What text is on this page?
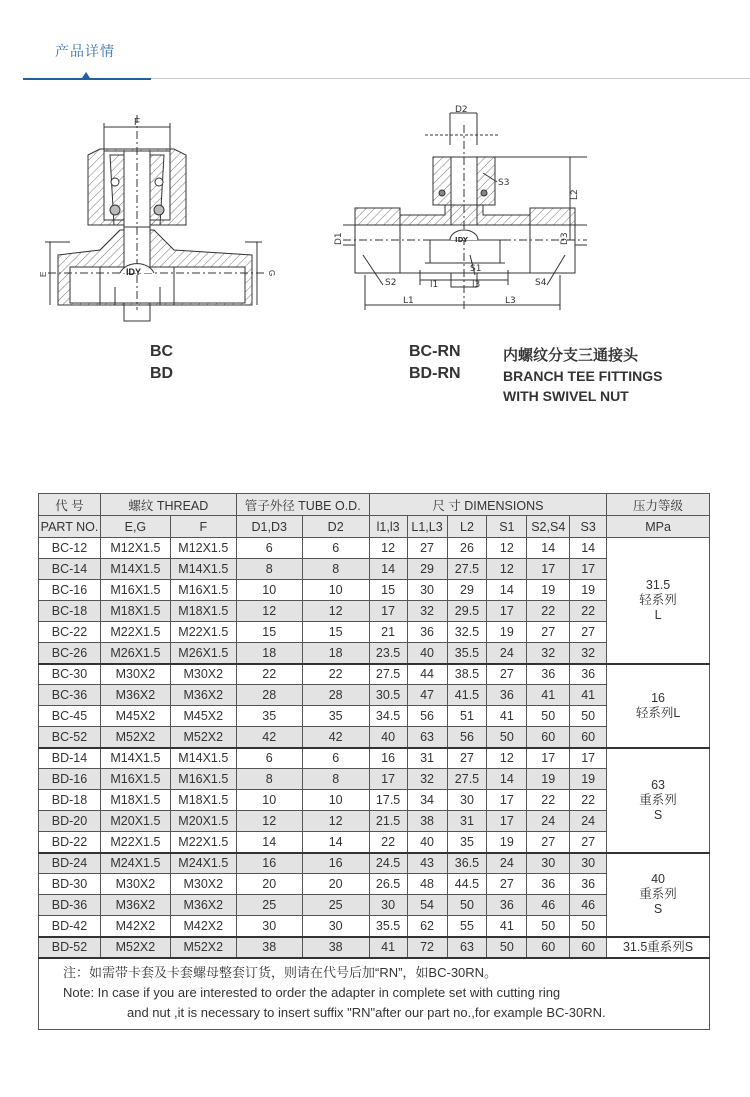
产品详情
F
E	G
IDY
D2
S3
L2
D1	D3
S1
S2	S4
l1	l3
L1	L3
IDY
BC
BD
BC-RN
BD-RN
内螺纹分支三通接头
BRANCH TEE FITTINGS
WITH SWIVEL NUT
代 号	螺纹 THREAD		管子外径 TUBE O.D.		尺 寸 DIMENSIONS						压力等级
PART NO.	E,G	F	D1,D3	D2	l1,l3	L1,L3	L2	S1	S2,S4	S3	MPa
BC-12	M12X1.5	M12X1.5	6	6	12	27	26	12	14	14	31.5
轻系列
L

BC-14	M14X1.5	M14X1.5	8	8	14	29	27.5	12	17	17	
BC-16	M16X1.5	M16X1.5	10	10	15	30	29	14	19	19	
BC-18	M18X1.5	M18X1.5	12	12	17	32	29.5	17	22	22	
BC-22	M22X1.5	M22X1.5	15	15	21	36	32.5	19	27	27	
BC-26	M26X1.5	M26X1.5	18	18	23.5	40	35.5	24	32	32	
BC-30	M30X2	M30X2	22	22	27.5	44	38.5	27	36	36	16
轻系列L

BC-36	M36X2	M36X2	28	28	30.5	47	41.5	36	41	41	
BC-45	M45X2	M45X2	35	35	34.5	56	51	41	50	50	
BC-52	M52X2	M52X2	42	42	40	63	56	50	60	60	
BD-14	M14X1.5	M14X1.5	6	6	16	31	27	12	17	17	63
重系列
S

BD-16	M16X1.5	M16X1.5	8	8	17	32	27.5	14	19	19	
BD-18	M18X1.5	M18X1.5	10	10	17.5	34	30	17	22	22	
BD-20	M20X1.5	M20X1.5	12	12	21.5	38	31	17	24	24	
BD-22	M22X1.5	M22X1.5	14	14	22	40	35	19	27	27	
BD-24	M24X1.5	M24X1.5	16	16	24.5	43	36.5	24	30	30	40
重系列
S

BD-30	M30X2	M30X2	20	20	26.5	48	44.5	27	36	36	
BD-36	M36X2	M36X2	25	25	30	54	50	36	46	46	
BD-42	M42X2	M42X2	30	30	35.5	62	55	41	50	50	
BD-52	M52X2	M52X2	38	38	41	72	63	50	60	60	31.5重系列S

注：如需带卡套及卡套螺母整套订货，则请在代号后加“RN”，如BC-30RN。
Note: In case if you are interested to order the adapter in complete set with cutting ring
and nut ,it is necessary to insert suffix "RN"after our part no.,for example BC-30RN.											
